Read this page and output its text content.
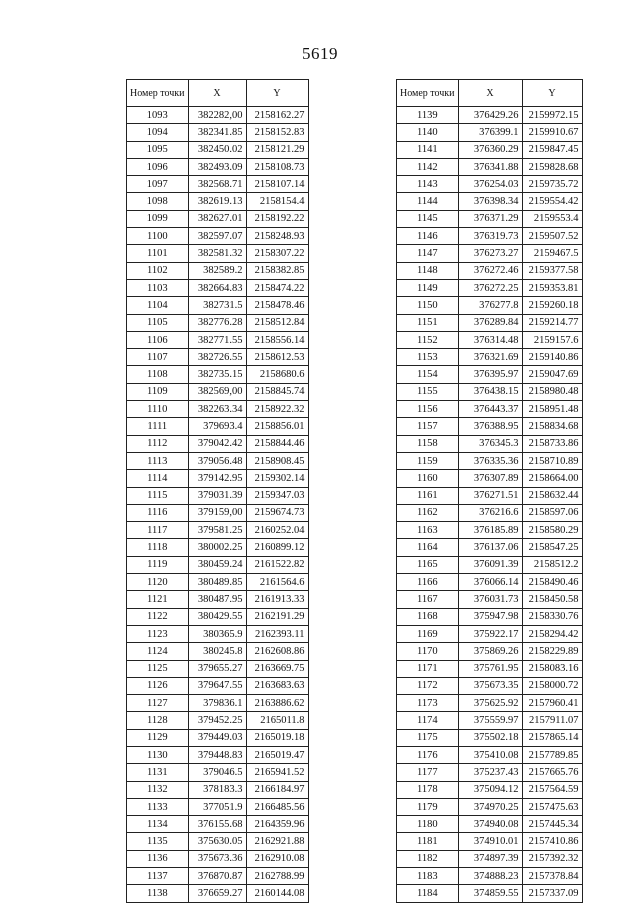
5619
Номер точки	X	Y
1093	382282,00	2158162.27
1094	382341.85	2158152.83
1095	382450.02	2158121.29
1096	382493.09	2158108.73
1097	382568.71	2158107.14
1098	382619.13	2158154.4
1099	382627.01	2158192.22
1100	382597.07	2158248.93
1101	382581.32	2158307.22
1102	382589.2	2158382.85
1103	382664.83	2158474.22
1104	382731.5	2158478.46
1105	382776.28	2158512.84
1106	382771.55	2158556.14
1107	382726.55	2158612.53
1108	382735.15	2158680.6
1109	382569,00	2158845.74
1110	382263.34	2158922.32
1111	379693.4	2158856.01
1112	379042.42	2158844.46
1113	379056.48	2158908.45
1114	379142.95	2159302.14
1115	379031.39	2159347.03
1116	379159,00	2159674.73
1117	379581.25	2160252.04
1118	380002.25	2160899.12
1119	380459.24	2161522.82
1120	380489.85	2161564.6
1121	380487.95	2161913.33
1122	380429.55	2162191.29
1123	380365.9	2162393.11
1124	380245.8	2162608.86
1125	379655.27	2163669.75
1126	379647.55	2163683.63
1127	379836.1	2163886.62
1128	379452.25	2165011.8
1129	379449.03	2165019.18
1130	379448.83	2165019.47
1131	379046.5	2165941.52
1132	378183.3	2166184.97
1133	377051.9	2166485.56
1134	376155.68	2164359.96
1135	375630.05	2162921.88
1136	375673.36	2162910.08
1137	376870.87	2162788.99
1138	376659.27	2160144.08
Номер точки	X	Y
1139	376429.26	2159972.15
1140	376399.1	2159910.67
1141	376360.29	2159847.45
1142	376341.88	2159828.68
1143	376254.03	2159735.72
1144	376398.34	2159554.42
1145	376371.29	2159553.4
1146	376319.73	2159507.52
1147	376273.27	2159467.5
1148	376272.46	2159377.58
1149	376272.25	2159353.81
1150	376277.8	2159260.18
1151	376289.84	2159214.77
1152	376314.48	2159157.6
1153	376321.69	2159140.86
1154	376395.97	2159047.69
1155	376438.15	2158980.48
1156	376443.37	2158951.48
1157	376388.95	2158834.68
1158	376345.3	2158733.86
1159	376335.36	2158710.89
1160	376307.89	2158664.00
1161	376271.51	2158632.44
1162	376216.6	2158597.06
1163	376185.89	2158580.29
1164	376137.06	2158547.25
1165	376091.39	2158512.2
1166	376066.14	2158490.46
1167	376031.73	2158450.58
1168	375947.98	2158330.76
1169	375922.17	2158294.42
1170	375869.26	2158229.89
1171	375761.95	2158083.16
1172	375673.35	2158000.72
1173	375625.92	2157960.41
1174	375559.97	2157911.07
1175	375502.18	2157865.14
1176	375410.08	2157789.85
1177	375237.43	2157665.76
1178	375094.12	2157564.59
1179	374970.25	2157475.63
1180	374940.08	2157445.34
1181	374910.01	2157410.86
1182	374897.39	2157392.32
1183	374888.23	2157378.84
1184	374859.55	2157337.09
